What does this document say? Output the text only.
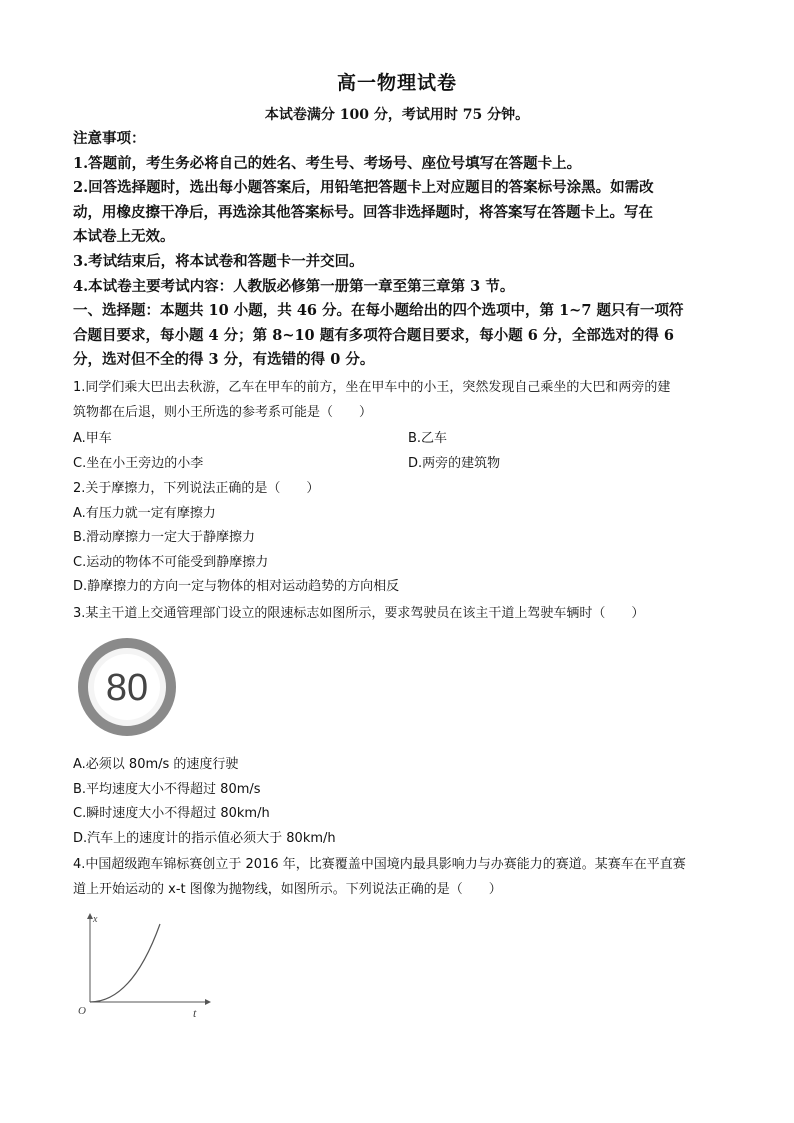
高一物理试卷
本试卷满分 100 分，考试用时 75 分钟。

注意事项：

1.答题前，考生务必将自己的姓名、考生号、考场号、座位号填写在答题卡上。

2.回答选择题时，选出每小题答案后，用铅笔把答题卡上对应题目的答案标号涂黑。如需改

动，用橡皮擦干净后，再选涂其他答案标号。回答非选择题时，将答案写在答题卡上。写在

本试卷上无效。

3.考试结束后，将本试卷和答题卡一并交回。

4.本试卷主要考试内容：人教版必修第一册第一章至第三章第 3 节。

一、选择题：本题共 10 小题，共 46 分。在每小题给出的四个选项中，第 1~7 题只有一项符

合题目要求，每小题 4 分；第 8~10 题有多项符合题目要求，每小题 6 分，全部选对的得 6

分，选对但不全的得 3 分，有选错的得 0 分。

1.同学们乘大巴出去秋游，乙车在甲车的前方，坐在甲车中的小王，突然发现自己乘坐的大巴和两旁的建

筑物都在后退，则小王所选的参考系可能是（　　）

A.甲车	B.乙车
C.坐在小王旁边的小李	D.两旁的建筑物

2.关于摩擦力，下列说法正确的是（　　）

A.有压力就一定有摩擦力

B.滑动摩擦力一定大于静摩擦力

C.运动的物体不可能受到静摩擦力

D.静摩擦力的方向一定与物体的相对运动趋势的方向相反

3.某主干道上交通管理部门设立的限速标志如图所示，要求驾驶员在该主干道上驾驶车辆时（　　）

80

A.必须以 80m/s 的速度行驶

B.平均速度大小不得超过 80m/s

C.瞬时速度大小不得超过 80km/h

D.汽车上的速度计的指示值必须大于 80km/h

4.中国超级跑车锦标赛创立于 2016 年，比赛覆盖中国境内最具影响力与办赛能力的赛道。某赛车在平直赛

道上开始运动的 x-t 图像为抛物线，如图所示。下列说法正确的是（　　）

x
t
O
